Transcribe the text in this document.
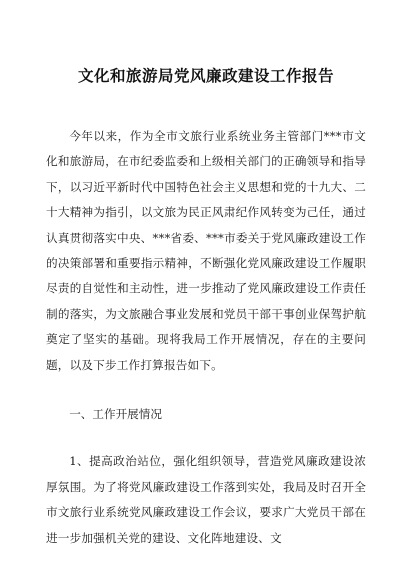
文化和旅游局党风廉政建设工作报告

今年以来，作为全市文旅行业系统业务主管部门***市文化和旅游局，在市纪委监委和上级相关部门的正确领导和指导下，以习近平新时代中国特色社会主义思想和党的十九大、二十大精神为指引，以文旅为民正风肃纪作风转变为己任，通过认真贯彻落实中央、***省委、***市委关于党风廉政建设工作的决策部署和重要指示精神，不断强化党风廉政建设工作履职尽责的自觉性和主动性，进一步推动了党风廉政建设工作责任制的落实，为文旅融合事业发展和党员干部干事创业保驾护航奠定了坚实的基础。现将我局工作开展情况，存在的主要问题，以及下步工作打算报告如下。

一、工作开展情况

1、提高政治站位，强化组织领导，营造党风廉政建设浓厚氛围。为了将党风廉政建设工作落到实处，我局及时召开全市文旅行业系统党风廉政建设工作会议，要求广大党员干部在进一步加强机关党的建设、文化阵地建设、文
